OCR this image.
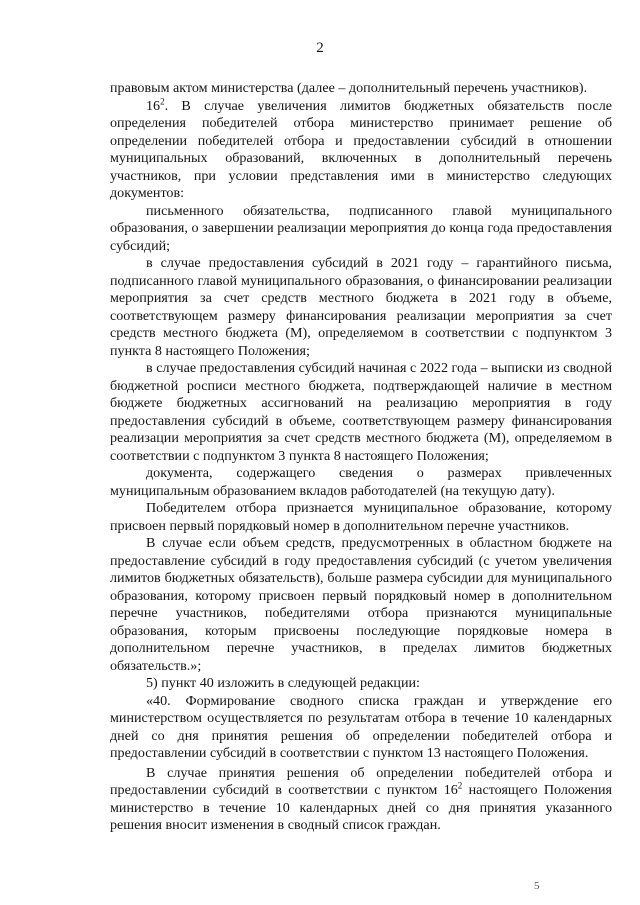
2

правовым актом министерства (далее – дополнительный перечень участников).

$16^2$. В случае увеличения лимитов бюджетных обязательств после определения победителей отбора министерство принимает решение об определении победителей отбора и предоставлении субсидий в отношении муниципальных образований, включенных в дополнительный перечень участников, при условии представления ими в министерство следующих документов:

письменного обязательства, подписанного главой муниципального образования, о завершении реализации мероприятия до конца года предоставления субсидий;

в случае предоставления субсидий в 2021 году – гарантийного письма, подписанного главой муниципального образования, о финансировании реализации мероприятия за счет средств местного бюджета в 2021 году в объеме, соответствующем размеру финансирования реализации мероприятия за счет средств местного бюджета (M), определяемом в соответствии с подпунктом 3 пункта 8 настоящего Положения;

в случае предоставления субсидий начиная с 2022 года – выписки из сводной бюджетной росписи местного бюджета, подтверждающей наличие в местном бюджете бюджетных ассигнований на реализацию мероприятия в году предоставления субсидий в объеме, соответствующем размеру финансирования реализации мероприятия за счет средств местного бюджета (M), определяемом в соответствии с подпунктом 3 пункта 8 настоящего Положения;

документа, содержащего сведения о размерах привлеченных муниципальным образованием вкладов работодателей (на текущую дату).

Победителем отбора признается муниципальное образование, которому присвоен первый порядковый номер в дополнительном перечне участников.

В случае если объем средств, предусмотренных в областном бюджете на предоставление субсидий в году предоставления субсидий (с учетом увеличения лимитов бюджетных обязательств), больше размера субсидии для муниципального образования, которому присвоен первый порядковый номер в дополнительном перечне участников, победителями отбора признаются муниципальные образования, которым присвоены последующие порядковые номера в дополнительном перечне участников, в пределах лимитов бюджетных обязательств.»;

5) пункт 40 изложить в следующей редакции:

«40. Формирование сводного списка граждан и утверждение его министерством осуществляется по результатам отбора в течение 10 календарных дней со дня принятия решения об определении победителей отбора и предоставлении субсидий в соответствии с пунктом 13 настоящего Положения.

В случае принятия решения об определении победителей отбора и предоставлении субсидий в соответствии с пунктом $16^2$ настоящего Положения министерство в течение 10 календарных дней со дня принятия указанного решения вносит изменения в сводный список граждан.

5
